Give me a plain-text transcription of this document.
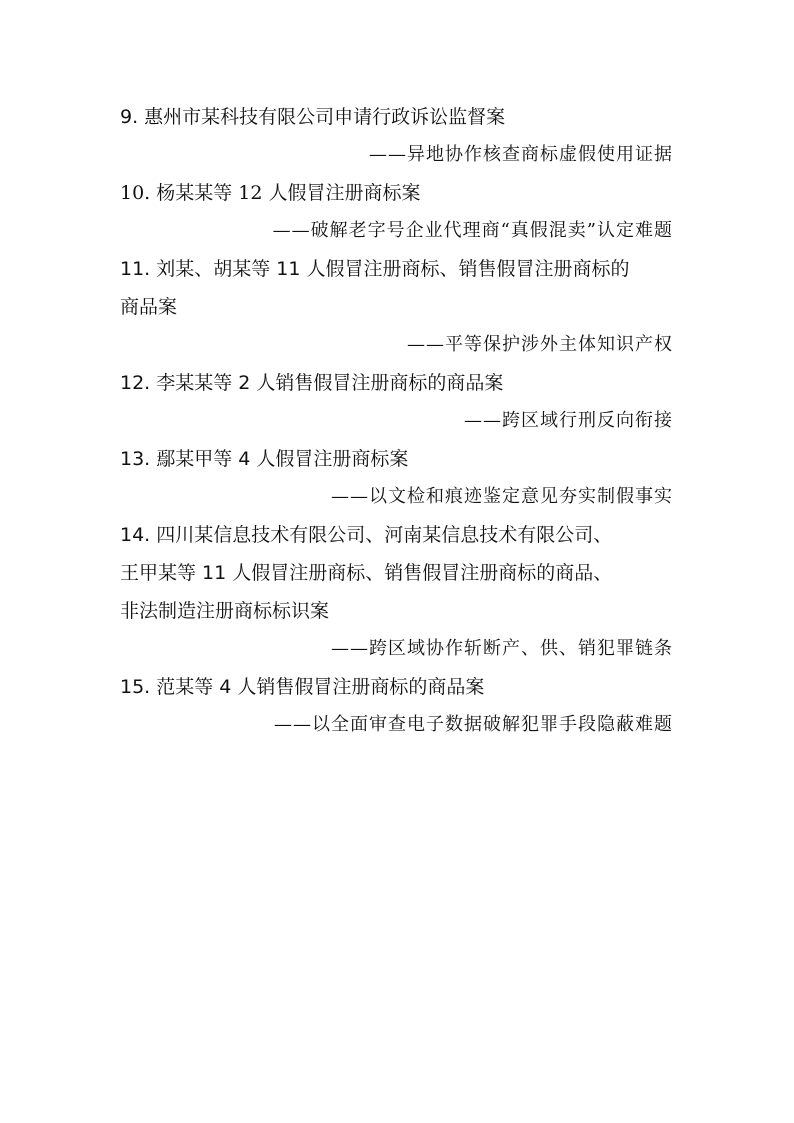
9. 惠州市某科技有限公司申请行政诉讼监督案
——异地协作核查商标虚假使用证据
10. 杨某某等 12 人假冒注册商标案
——破解老字号企业代理商“真假混卖”认定难题
11. 刘某、胡某等 11 人假冒注册商标、销售假冒注册商标的
商品案
——平等保护涉外主体知识产权
12. 李某某等 2 人销售假冒注册商标的商品案
——跨区域行刑反向衔接
13. 鄢某甲等 4 人假冒注册商标案
——以文检和痕迹鉴定意见夯实制假事实
14. 四川某信息技术有限公司、河南某信息技术有限公司、
王甲某等 11 人假冒注册商标、销售假冒注册商标的商品、
非法制造注册商标标识案
——跨区域协作斩断产、供、销犯罪链条
15. 范某等 4 人销售假冒注册商标的商品案
——以全面审查电子数据破解犯罪手段隐蔽难题
